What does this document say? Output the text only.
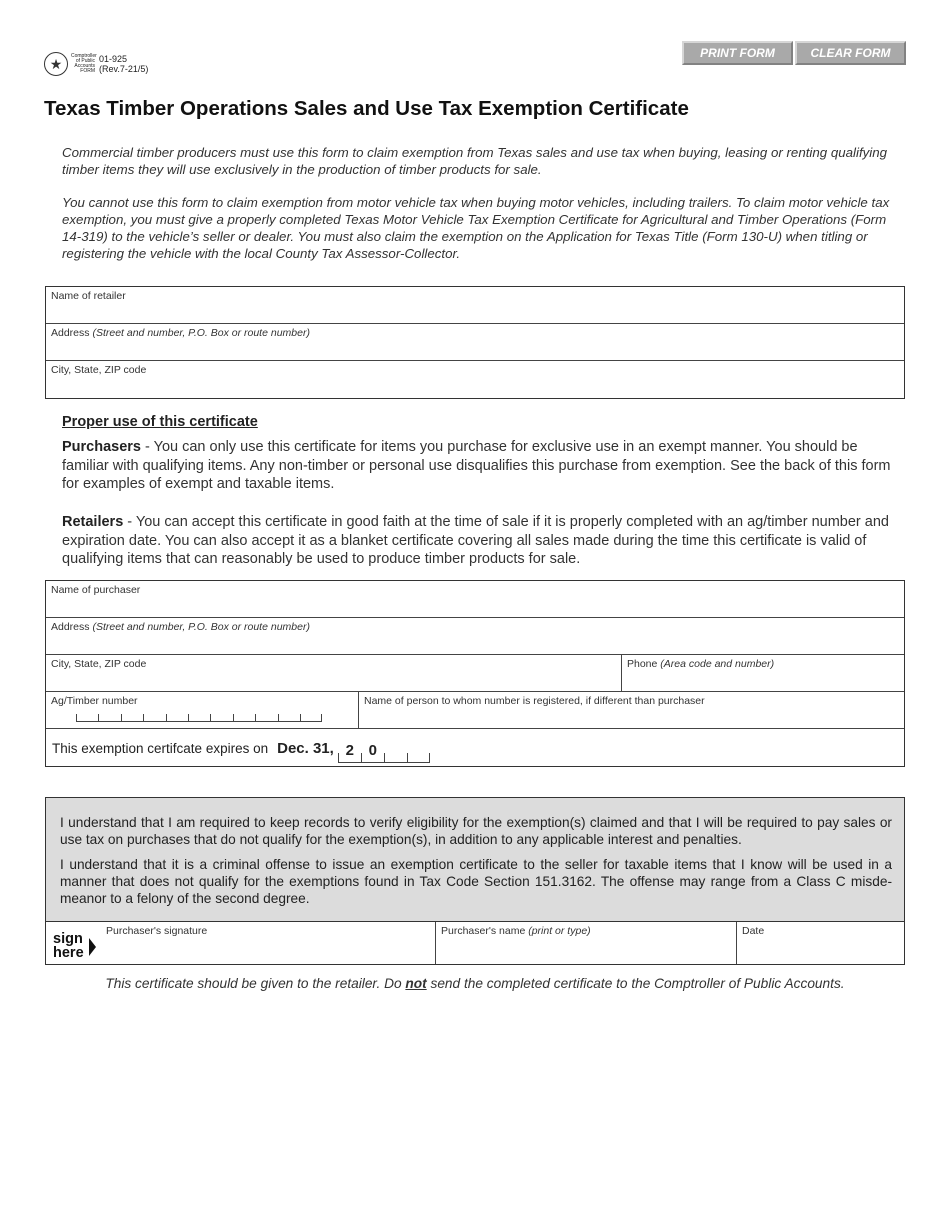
★ Comptroller of Public Accounts FORM
01-925
(Rev.7-21/5)
PRINT FORM	CLEAR FORM
Texas Timber Operations Sales and Use Tax Exemption Certificate

Commercial timber producers must use this form to claim exemption from Texas sales and use tax when buying, leasing or renting qualifying timber items they will use exclusively in the production of timber products for sale.

You cannot use this form to claim exemption from motor vehicle tax when buying motor vehicles, including trailers. To claim motor vehicle tax exemption, you must give a properly completed Texas Motor Vehicle Tax Exemption Certificate for Agricultural and Timber Operations (Form 14-319) to the vehicle’s seller or dealer. You must also claim the exemption on the Application for Texas Title (Form 130-U) when titling or registering the vehicle with the local County Tax Assessor-Collector.

Name of retailer
Address (Street and number, P.O. Box or route number)
City, State, ZIP code
Proper use of this certificate

Purchasers - You can only use this certificate for items you purchase for exclusive use in an exempt manner. You should be familiar with qualifying items. Any non-timber or personal use disqualifies this purchase from exemption. See the back of this form for examples of exempt and taxable items.

Retailers - You can accept this certificate in good faith at the time of sale if it is properly completed with an ag/timber number and expiration date. You can also accept it as a blanket certificate covering all sales made during the time this certificate is valid of qualifying items that can reasonably be used to produce timber products for sale.

Name of purchaser
Address (Street and number, P.O. Box or route number)
City, State, ZIP code	Phone (Area code and number)
Ag/Timber number	Name of person to whom number is registered, if different than purchaser
This exemption certifcate expires on Dec. 31, 2 0

I understand that I am required to keep records to verify eligibility for the exemption(s) claimed and that I will be required to pay sales or use tax on purchases that do not qualify for the exemption(s), in addition to any applicable interest and penalties.

I understand that it is a criminal offense to issue an exemption certificate to the seller for taxable items that I know will be used in a manner that does not qualify for the exemptions found in Tax Code Section 151.3162. The offense may range from a Class C misdemeanor to a felony of the second degree.

sign
here
Purchaser's signature	Purchaser's name (print or type)	Date

This certificate should be given to the retailer. Do not send the completed certificate to the Comptroller of Public Accounts.
